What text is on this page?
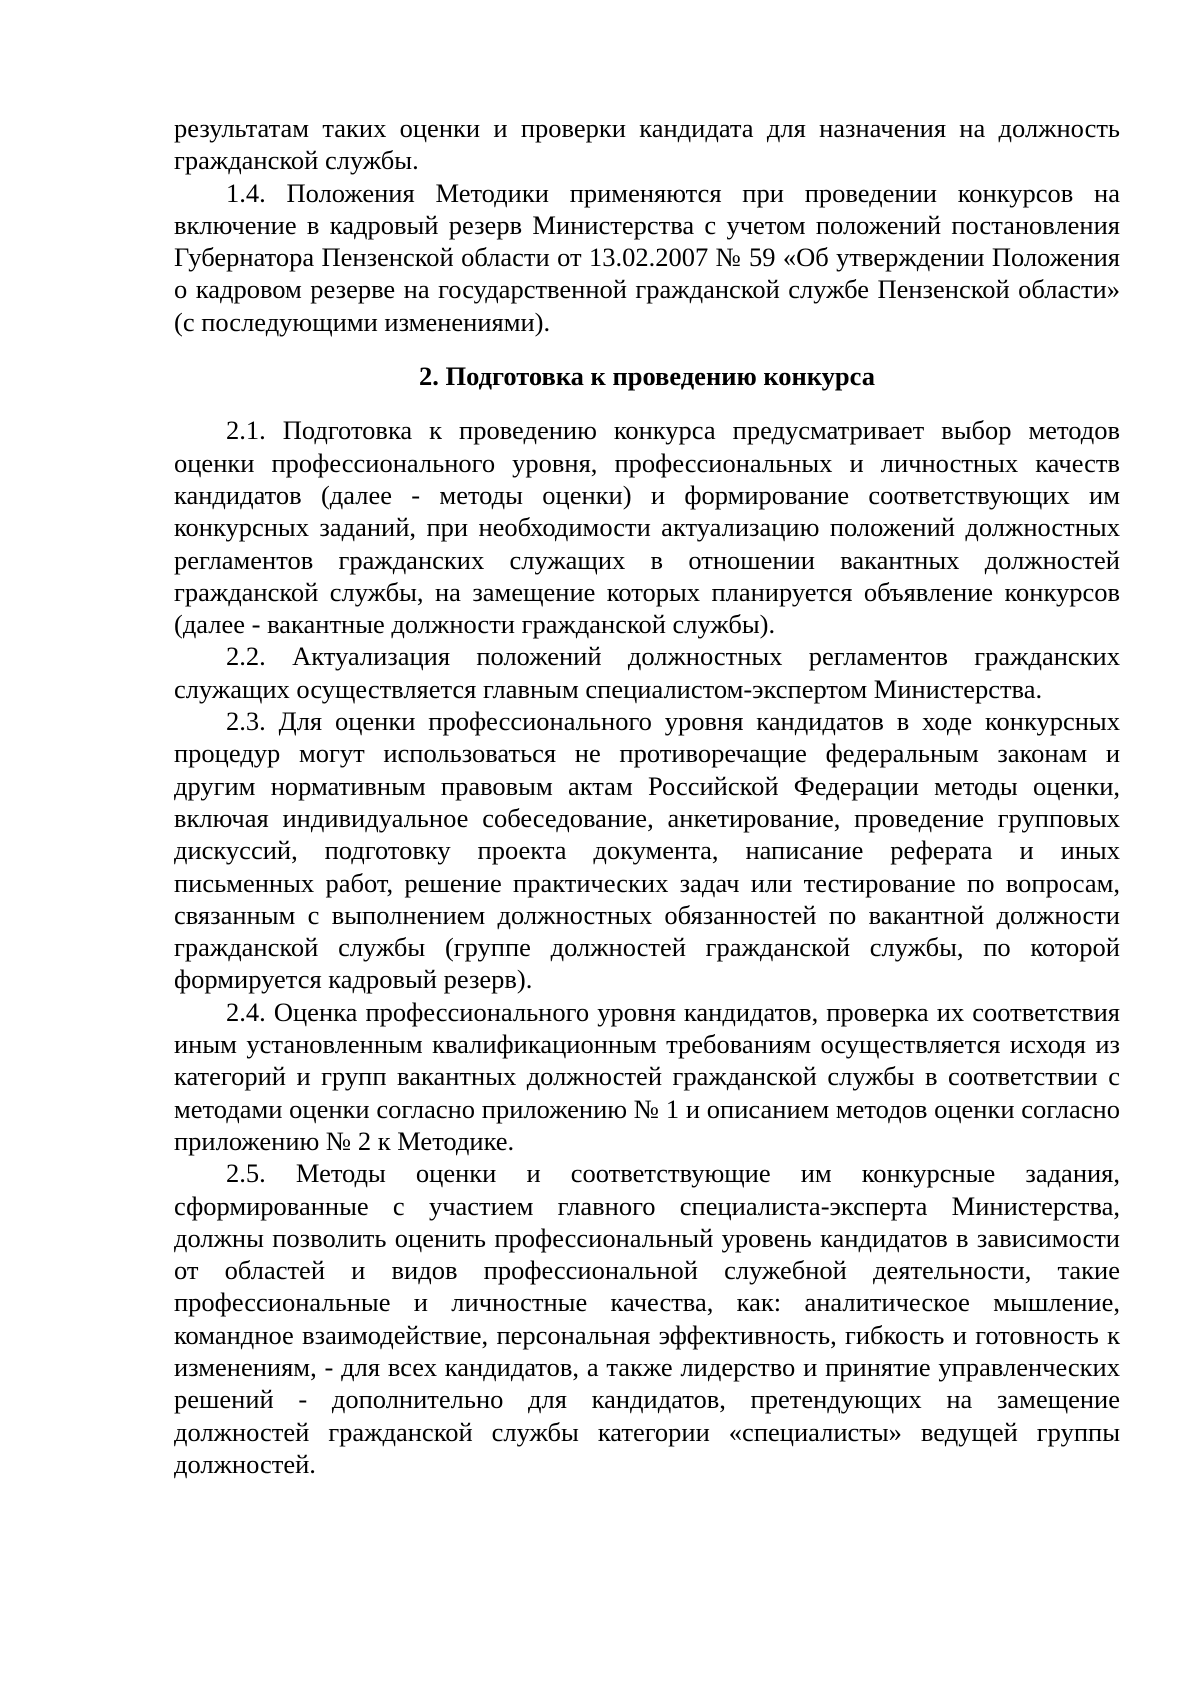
результатам таких оценки и проверки кандидата для назначения на должность гражданской службы.

1.4. Положения Методики применяются при проведении конкурсов на включение в кадровый резерв Министерства с учетом положений постановления Губернатора Пензенской области от 13.02.2007 № 59 «Об утверждении Положения о кадровом резерве на государственной гражданской службе Пензенской области» (с последующими изменениями).

2. Подготовка к проведению конкурса

2.1. Подготовка к проведению конкурса предусматривает выбор методов оценки профессионального уровня, профессиональных и личностных качеств кандидатов (далее - методы оценки) и формирование соответствующих им конкурсных заданий, при необходимости актуализацию положений должностных регламентов гражданских служащих в отношении вакантных должностей гражданской службы, на замещение которых планируется объявление конкурсов (далее - вакантные должности гражданской службы).

2.2. Актуализация положений должностных регламентов гражданских служащих осуществляется главным специалистом-экспертом Министерства.

2.3. Для оценки профессионального уровня кандидатов в ходе конкурсных процедур могут использоваться не противоречащие федеральным законам и другим нормативным правовым актам Российской Федерации методы оценки, включая индивидуальное собеседование, анкетирование, проведение групповых дискуссий, подготовку проекта документа, написание реферата и иных письменных работ, решение практических задач или тестирование по вопросам, связанным с выполнением должностных обязанностей по вакантной должности гражданской службы (группе должностей гражданской службы, по которой формируется кадровый резерв).

2.4. Оценка профессионального уровня кандидатов, проверка их соответствия иным установленным квалификационным требованиям осуществляется исходя из категорий и групп вакантных должностей гражданской службы в соответствии с методами оценки согласно приложению № 1 и описанием методов оценки согласно приложению № 2 к Методике.

2.5. Методы оценки и соответствующие им конкурсные задания, сформированные с участием главного специалиста-эксперта Министерства, должны позволить оценить профессиональный уровень кандидатов в зависимости от областей и видов профессиональной служебной деятельности, такие профессиональные и личностные качества, как: аналитическое мышление, командное взаимодействие, персональная эффективность, гибкость и готовность к изменениям, - для всех кандидатов, а также лидерство и принятие управленческих решений - дополнительно для кандидатов, претендующих на замещение должностей гражданской службы категории «специалисты» ведущей группы должностей.
